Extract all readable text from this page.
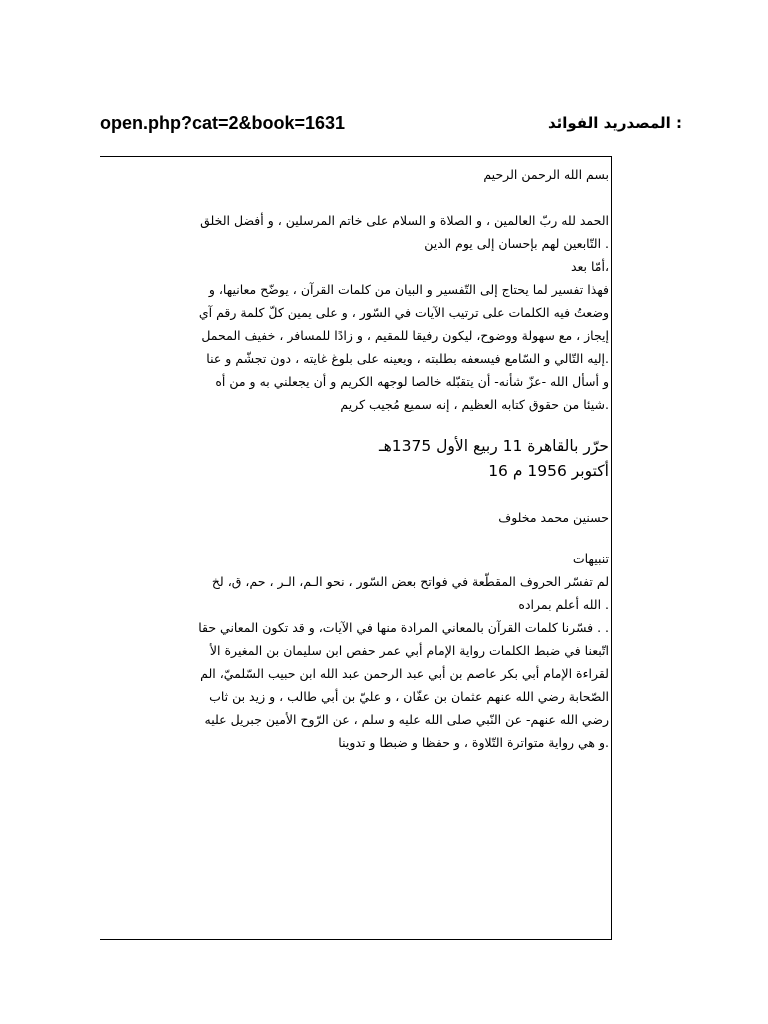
open.php?cat=2&book=1631	: المصدريد الفوائد
بسم الله الرحمن الرحيم
الحمد لله ربّ العالمين ، و الصلاة و السلام على خاتم المرسلين ، و أفضل الخلق
. التّابعين لهم بإحسان إلى يوم الدين
،أمّا بعد
فهذا تفسير لما يحتاج إلى التّفسير و البيان من كلمات القرآن ، يوضّح معانيها، و
وضعتُ فيه الكلمات على ترتيب الآيات في السّور ، و على يمين كلّ كلمة رقم آي
إيجاز ، مع سهولة ووضوح، ليكون رفيقا للمقيم ، و زادًا للمسافر ، خفيف المحمل
.إليه التّالي و السّامع فيسعفه بطلبته ، ويعينه على بلوغ غايته ، دون تجشّم و عنا
و أسأل الله -عزّ شأنه- أن يتقبّله خالصا لوجهه الكريم و أن يجعلني به و من أه
.شيئا من حقوق كتابه العظيم ، إنه سميع مُجيب كريم
حرّر بالقاهرة 11 ربيع الأول 1375هـ
أكتوبر 1956 م 16
حسنين محمد مخلوف
تنبيهات
لم تفسّر الحروف المقطّعة في فواتح بعض السّور ، نحو الـم، الـر ، حم، ق، لخ
. الله أعلم بمراده
. . فسّرنا كلمات القرآن بالمعاني المرادة منها في الآيات، و قد تكون المعاني حقا
اتّبعنا في ضبط الكلمات رواية الإمام أبي عمر حفص ابن سليمان بن المغيرة الأ
لقراءة الإمام أبي بكر عاصم بن أبي عبد الرحمن عبد الله ابن حبيب السّلميّ، الم
الصّحابة رضي الله عنهم عثمان بن عفّان ، و عليّ بن أبي طالب ، و زيد بن ثاب
رضي الله عنهم- عن النّبي صلى الله عليه و سلم ، عن الرّوح الأمين جبريل عليه
.و هي رواية متواترة التّلاوة ، و حفظا و ضبطا و تدوينا
